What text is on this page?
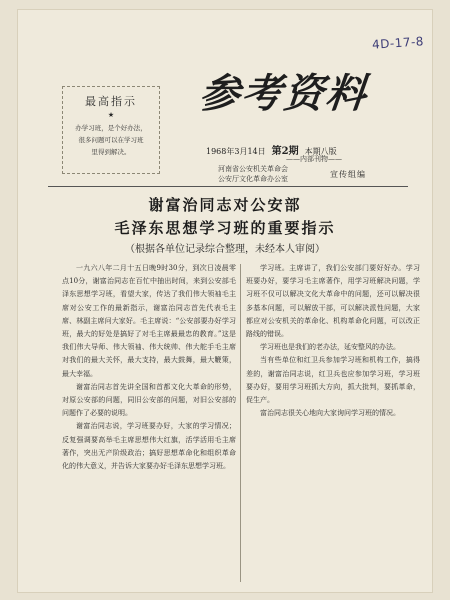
4D-17-8
最高指示
★
办学习班，是个好办法，
很多问题可以在学习班
里得到解决。
参考资料
1968年3月14日 第2期 本期八版
——内部刊物——
河南省公安机关革命会
公安厅文化革命办公室	宣传组编
谢富治同志对公安部
毛泽东思想学习班的重要指示
（根据各单位记录综合整理，未经本人审阅）

一九六八年二月十五日晚9时30分，到次日凌晨零点10分，谢富治同志在百忙中抽出时间，来到公安部毛泽东思想学习班，看望大家，传达了我们伟大领袖毛主席对公安工作的最新指示，谢富治同志首先代表毛主席、林副主席问大家好。毛主席说：“公安部要办好学习班，最大的好处是搞好了对毛主席最最忠的教育。”这是我们伟大导师、伟大领袖、伟大统帅、伟大舵手毛主席对我们的最大关怀，最大支持，最大鼓舞，最大鞭策，最大幸福。

谢富治同志首先讲全国和首都文化大革命的形势，对原公安部的问题，同旧公安部的问题，对旧公安部的问题作了必要的说明。

谢富治同志说，学习班要办好，大家的学习情况；反复强调要高举毛主席思想伟大红旗，活学活用毛主席著作，突出无产阶级政治；搞好思想革命化和组织革命化的伟大意义，并告诉大家要办好毛泽东思想学习班。

学习班。主席讲了，我们公安部门要好好办。学习班要办好，要学习毛主席著作，用学习班解决问题，学习班不仅可以解决文化大革命中的问题，还可以解决很多基本问题，可以解放干部，可以解决派性问题，大家都应对公安机关的革命化、机构革命化问题，可以改正路线的错误。

学习班也是我们的老办法，延安整风的办法。

当有些单位和红卫兵参加学习班和机构工作，搞得差的，谢富治同志说，红卫兵也应参加学习班，学习班要办好，要用学习班抓大方向，抓大批判，要抓革命，促生产。

富治同志很关心地向大家询问学习班的情况。
